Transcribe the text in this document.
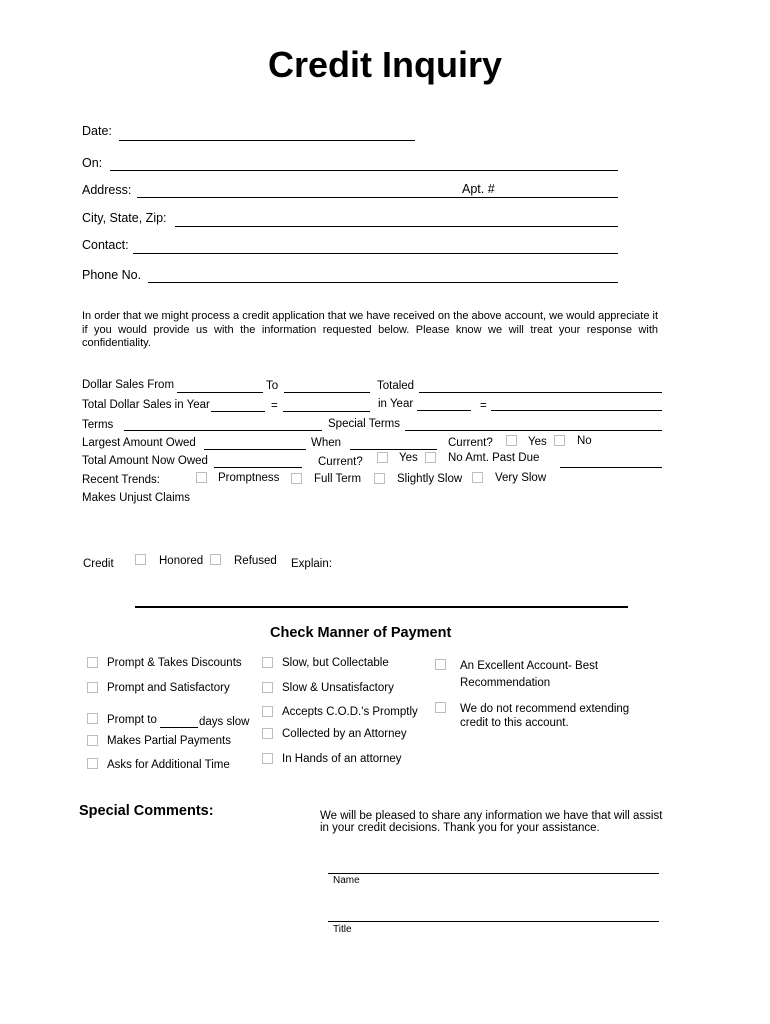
Credit Inquiry
Date:
On:
Address:	Apt. #
City, State, Zip:
Contact:
Phone No.
In order that we might process a credit application that we have received on the above account, we would appreciate it if you would provide us with the information requested below. Please know we will treat your response with confidentiality.
Dollar Sales From	To	Totaled
Total Dollar Sales in Year	=	in Year	=
Terms	Special Terms
Largest Amount Owed	When	Current?	Yes	No
Total Amount Now Owed	Current?	Yes	No Amt. Past Due
Recent Trends:	Promptness	Full Term	Slightly Slow	Very Slow
Makes Unjust Claims
Credit	Honored	Refused Explain:
Check Manner of Payment
Prompt & Takes Discounts
Prompt and Satisfactory
Prompt to	days slow
Makes Partial Payments
Asks for Additional Time
Slow, but Collectable
Slow & Unsatisfactory
Accepts C.O.D.'s Promptly
Collected by an Attorney
In Hands of an attorney
An Excellent Account- Best
Recommendation
We do not recommend extending
credit to this account.
Special Comments:	We will be pleased to share any information we have that will assist
in your credit decisions. Thank you for your assistance.
Name
Title
